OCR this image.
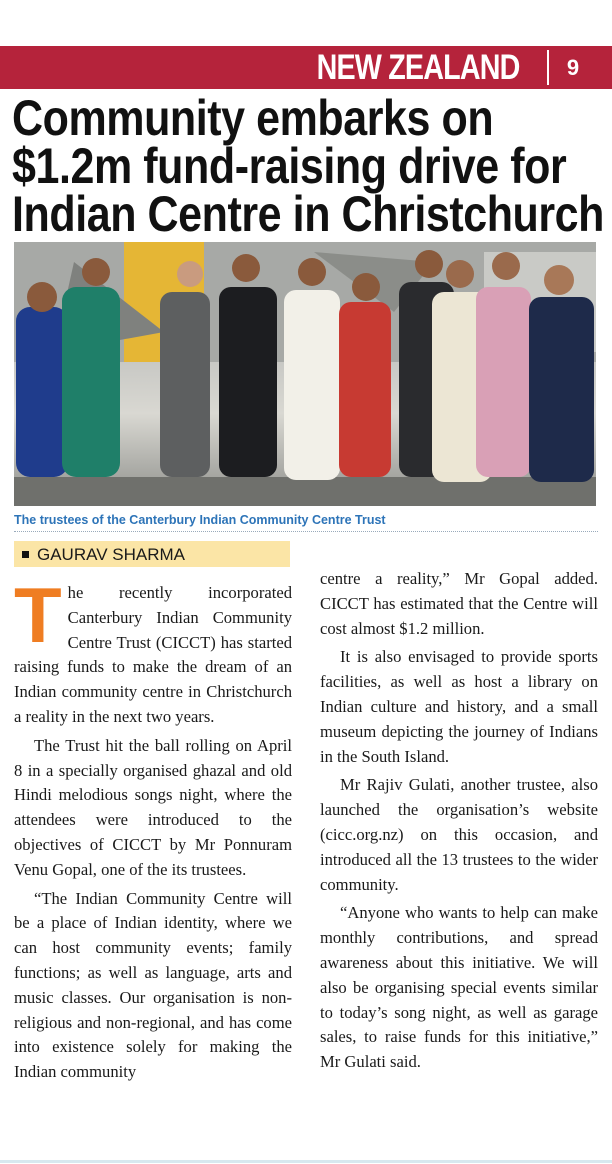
NEW ZEALAND	9
Community embarks on
$1.2m fund-raising drive for
Indian Centre in Christchurch
The trustees of the Canterbury Indian Community Centre Trust
GAURAV SHARMA

The recently incorporated Canterbury Indian Community Centre Trust (CICCT) has started raising funds to make the dream of an Indian community centre in Christchurch a reality in the next two years.

The Trust hit the ball rolling on April 8 in a specially organised ghazal and old Hindi melodious songs night, where the attendees were introduced to the objectives of CICCT by Mr Ponnuram Venu Gopal, one of the its trustees.

“The Indian Community Centre will be a place of Indian identity, where we can host community events; family functions; as well as language, arts and music classes. Our organisation is non-religious and non-regional, and has come into existence solely for making the Indian community

centre a reality,” Mr Gopal added. CICCT has estimated that the Centre will cost almost $1.2 million.

It is also envisaged to provide sports facilities, as well as host a library on Indian culture and history, and a small museum depicting the journey of Indians in the South Island.

Mr Rajiv Gulati, another trustee, also launched the organisation’s website (cicc.org.nz) on this occasion, and introduced all the 13 trustees to the wider community.

“Anyone who wants to help can make monthly contributions, and spread awareness about this initiative. We will also be organising special events similar to today’s song night, as well as garage sales, to raise funds for this initiative,” Mr Gulati said.
